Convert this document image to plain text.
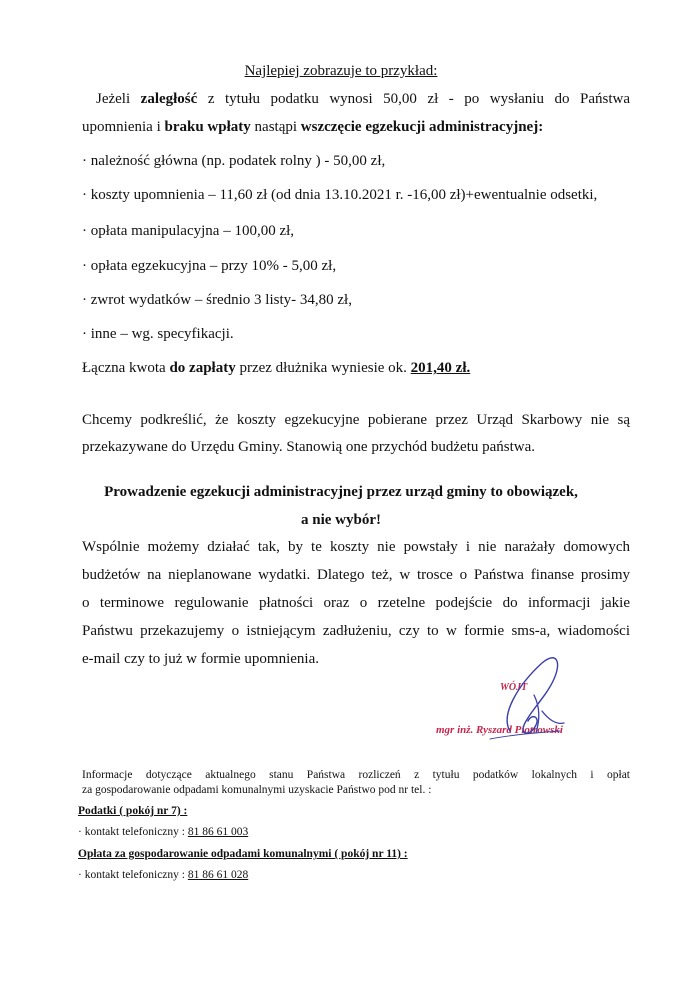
Najlepiej zobrazuje to przykład:
Jeżeli zaległość z tytułu podatku wynosi 50,00 zł - po wysłaniu do Państwa
upomnienia i braku wpłaty nastąpi wszczęcie egzekucji administracyjnej:
· należność główna (np. podatek rolny ) - 50,00 zł,
· koszty upomnienia – 11,60 zł (od dnia 13.10.2021 r. -16,00 zł)+ewentualnie odsetki,
· opłata manipulacyjna – 100,00 zł,
· opłata egzekucyjna – przy 10% - 5,00 zł,
· zwrot wydatków – średnio 3 listy- 34,80 zł,
· inne – wg. specyfikacji.
Łączna kwota do zapłaty przez dłużnika wyniesie ok. 201,40 zł.
Chcemy podkreślić, że koszty egzekucyjne pobierane przez Urząd Skarbowy nie są
przekazywane do Urzędu Gminy. Stanowią one przychód budżetu państwa.
Prowadzenie egzekucji administracyjnej przez urząd gminy to obowiązek,
a nie wybór!
Wspólnie możemy działać tak, by te koszty nie powstały i nie narażały domowych
budżetów na nieplanowane wydatki. Dlatego też, w trosce o Państwa finanse prosimy
o terminowe regulowanie płatności oraz o rzetelne podejście do informacji jakie
Państwu przekazujemy o istniejącym zadłużeniu, czy to w formie sms-a, wiadomości
e-mail czy to już w formie upomnienia.
WÓJT
mgr inż. Ryszard Piotrowski
Informacje dotyczące aktualnego stanu Państwa rozliczeń z tytułu podatków lokalnych i opłat
za gospodarowanie odpadami komunalnymi uzyskacie Państwo pod nr tel. :
Podatki ( pokój nr 7) :
· kontakt telefoniczny : 81 86 61 003
Opłata za gospodarowanie odpadami komunalnymi ( pokój nr 11) :
· kontakt telefoniczny : 81 86 61 028
